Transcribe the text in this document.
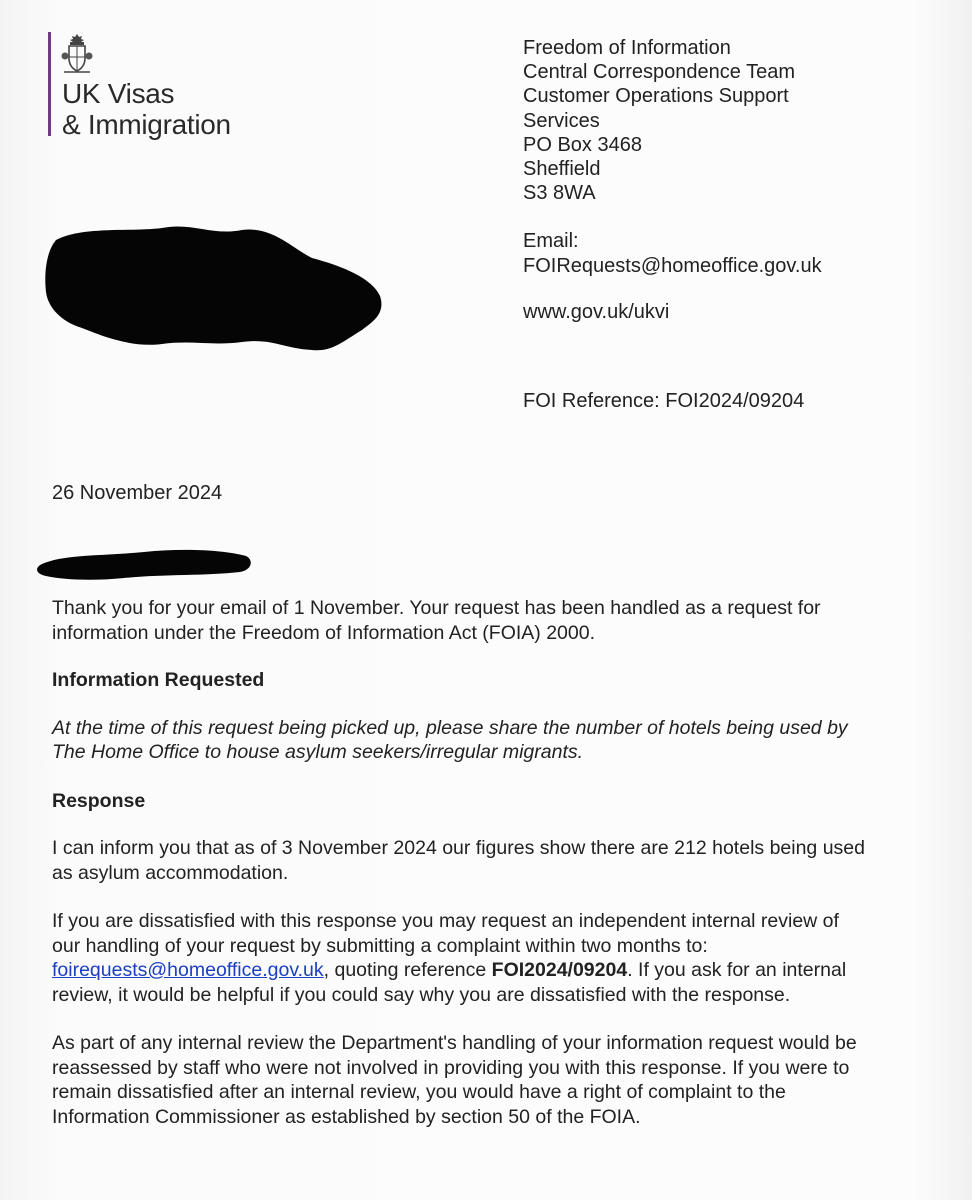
UK Visas
& Immigration
Freedom of Information
Central Correspondence Team
Customer Operations Support
Services
PO Box 3468
Sheffield
S3 8WA
Email:
FOIRequests@homeoffice.gov.uk
www.gov.uk/ukvi
FOI Reference: FOI2024/09204
26 November 2024

Thank you for your email of 1 November. Your request has been handled as a request for information under the Freedom of Information Act (FOIA) 2000.

Information Requested

At the time of this request being picked up, please share the number of hotels being used by The Home Office to house asylum seekers/irregular migrants.

Response

I can inform you that as of 3 November 2024 our figures show there are 212 hotels being used as asylum accommodation.

If you are dissatisfied with this response you may request an independent internal review of our handling of your request by submitting a complaint within two months to: foirequests@homeoffice.gov.uk, quoting reference FOI2024/09204. If you ask for an internal review, it would be helpful if you could say why you are dissatisfied with the response.

As part of any internal review the Department's handling of your information request would be reassessed by staff who were not involved in providing you with this response. If you were to remain dissatisfied after an internal review, you would have a right of complaint to the Information Commissioner as established by section 50 of the FOIA.
